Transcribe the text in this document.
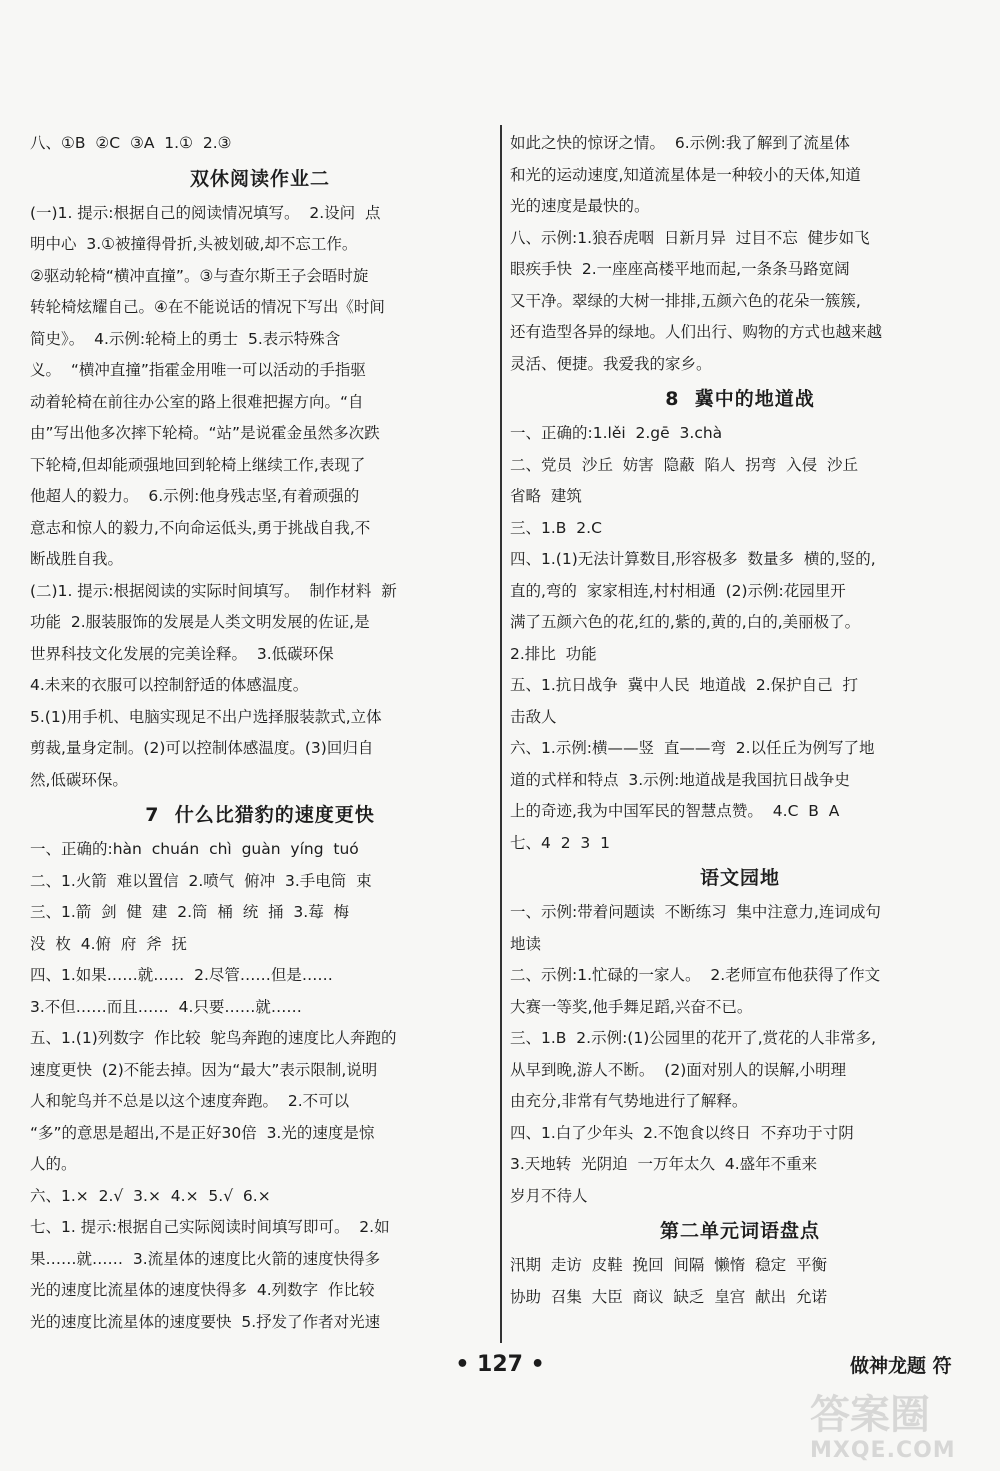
八、①B  ②C  ③A  1.①  2.③
双休阅读作业二
(一)1. 提示:根据自己的阅读情况填写。  2.设问  点
明中心  3.①被撞得骨折,头被划破,却不忘工作。
②驱动轮椅“横冲直撞”。③与查尔斯王子会晤时旋
转轮椅炫耀自己。④在不能说话的情况下写出《时间
简史》。  4.示例:轮椅上的勇士  5.表示特殊含
义。  “横冲直撞”指霍金用唯一可以活动的手指驱
动着轮椅在前往办公室的路上很难把握方向。“自
由”写出他多次摔下轮椅。“站”是说霍金虽然多次跌
下轮椅,但却能顽强地回到轮椅上继续工作,表现了
他超人的毅力。  6.示例:他身残志坚,有着顽强的
意志和惊人的毅力,不向命运低头,勇于挑战自我,不
断战胜自我。
(二)1. 提示:根据阅读的实际时间填写。  制作材料  新
功能  2.服装服饰的发展是人类文明发展的佐证,是
世界科技文化发展的完美诠释。  3.低碳环保
4.未来的衣服可以控制舒适的体感温度。
5.(1)用手机、电脑实现足不出户选择服装款式,立体
剪裁,量身定制。(2)可以控制体感温度。(3)回归自
然,低碳环保。
7  什么比猎豹的速度更快
一、正确的:hàn  chuán  chì  guàn  yíng  tuó
二、1.火箭  难以置信  2.喷气  俯冲  3.手电筒  束
三、1.箭  剑  健  建  2.筒  桶  统  捅  3.莓  梅
没  枚  4.俯  府  斧  抚
四、1.如果……就……  2.尽管……但是……
3.不但……而且……  4.只要……就……
五、1.(1)列数字  作比较  鸵鸟奔跑的速度比人奔跑的
速度更快  (2)不能去掉。因为“最大”表示限制,说明
人和鸵鸟并不总是以这个速度奔跑。  2.不可以
“多”的意思是超出,不是正好30倍  3.光的速度是惊
人的。
六、1.×  2.√  3.×  4.×  5.√  6.×
七、1. 提示:根据自己实际阅读时间填写即可。  2.如
果……就……  3.流星体的速度比火箭的速度快得多
光的速度比流星体的速度快得多  4.列数字  作比较
光的速度比流星体的速度要快  5.抒发了作者对光速
如此之快的惊讶之情。  6.示例:我了解到了流星体
和光的运动速度,知道流星体是一种较小的天体,知道
光的速度是最快的。
八、示例:1.狼吞虎咽  日新月异  过目不忘  健步如飞
眼疾手快  2.一座座高楼平地而起,一条条马路宽阔
又干净。翠绿的大树一排排,五颜六色的花朵一簇簇,
还有造型各异的绿地。人们出行、购物的方式也越来越
灵活、便捷。我爱我的家乡。
8  冀中的地道战
一、正确的:1.lěi  2.gē  3.chà
二、党员  沙丘  妨害  隐蔽  陷人  拐弯  入侵  沙丘
省略  建筑
三、1.B  2.C
四、1.(1)无法计算数目,形容极多  数量多  横的,竖的,
直的,弯的  家家相连,村村相通  (2)示例:花园里开
满了五颜六色的花,红的,紫的,黄的,白的,美丽极了。
2.排比  功能
五、1.抗日战争  冀中人民  地道战  2.保护自己  打
击敌人
六、1.示例:横——竖  直——弯  2.以任丘为例写了地
道的式样和特点  3.示例:地道战是我国抗日战争史
上的奇迹,我为中国军民的智慧点赞。  4.C  B  A
七、4  2  3  1
语文园地
一、示例:带着问题读  不断练习  集中注意力,连词成句
地读
二、示例:1.忙碌的一家人。  2.老师宣布他获得了作文
大赛一等奖,他手舞足蹈,兴奋不已。
三、1.B  2.示例:(1)公园里的花开了,赏花的人非常多,
从早到晚,游人不断。  (2)面对别人的误解,小明理
由充分,非常有气势地进行了解释。
四、1.白了少年头  2.不饱食以终日  不弃功于寸阴
3.天地转  光阴迫  一万年太久  4.盛年不重来
岁月不待人
第二单元词语盘点
汛期  走访  皮鞋  挽回  间隔  懒惰  稳定  平衡
协助  召集  大臣  商议  缺乏  皇宫  献出  允诺
• 127 •	做神龙题 符
答案圈
MXQE.COM
